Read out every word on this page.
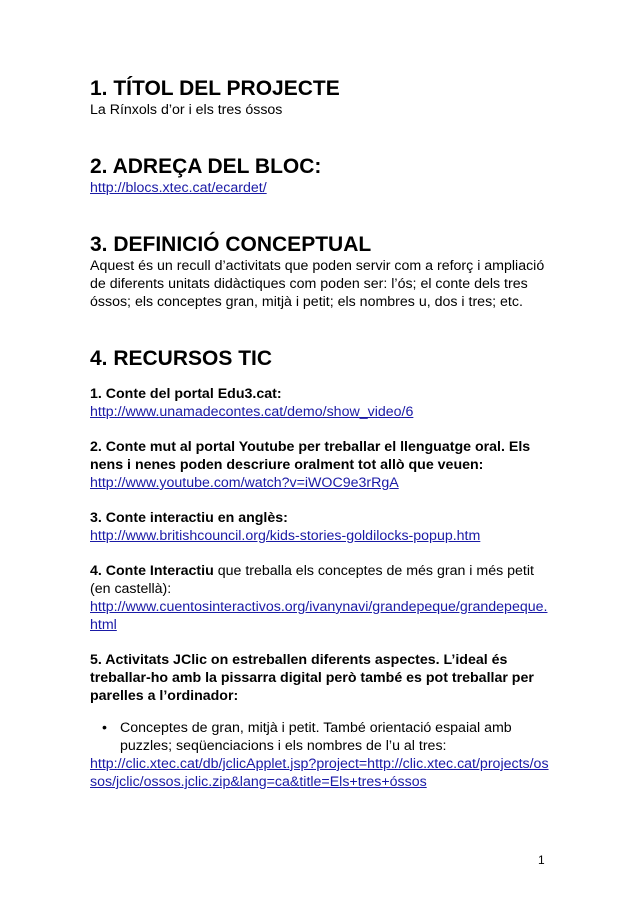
1. TÍTOL DEL PROJECTE

La Rínxols d’or i els tres óssos

2. ADREÇA DEL BLOC:
http://blocs.xtec.cat/ecardet/
3. DEFINICIÓ CONCEPTUAL

Aquest és un recull d’activitats que poden servir com a reforç i ampliació de diferents unitats didàctiques com poden ser: l’ós; el conte dels tres óssos; els conceptes gran, mitjà i petit; els nombres u, dos i tres; etc.

4. RECURSOS TIC

1. Conte del portal Edu3.cat:

http://www.unamadecontes.cat/demo/show_video/6

2. Conte mut al portal Youtube per treballar el llenguatge oral. Els nens i nenes poden descriure oralment tot allò que veuen:

http://www.youtube.com/watch?v=iWOC9e3rRgA

3. Conte interactiu en anglès:

http://www.britishcouncil.org/kids-stories-goldilocks-popup.htm

4. Conte Interactiu que treballa els conceptes de més gran i més petit (en castellà):

http://www.cuentosinteractivos.org/ivanynavi/grandepeque/grandepeque.html

5. Activitats JClic on estreballen diferents aspectes. L’ideal és treballar-ho amb la pissarra digital però també es pot treballar per parelles a l’ordinador:

• Conceptes de gran, mitjà i petit. També orientació espaial amb puzzles; seqüenciacions i els nombres de l’u al tres:
http://clic.xtec.cat/db/jclicApplet.jsp?project=http://clic.xtec.cat/projects/ossos/jclic/ossos.jclic.zip&lang=ca&title=Els+tres+óssos
1
